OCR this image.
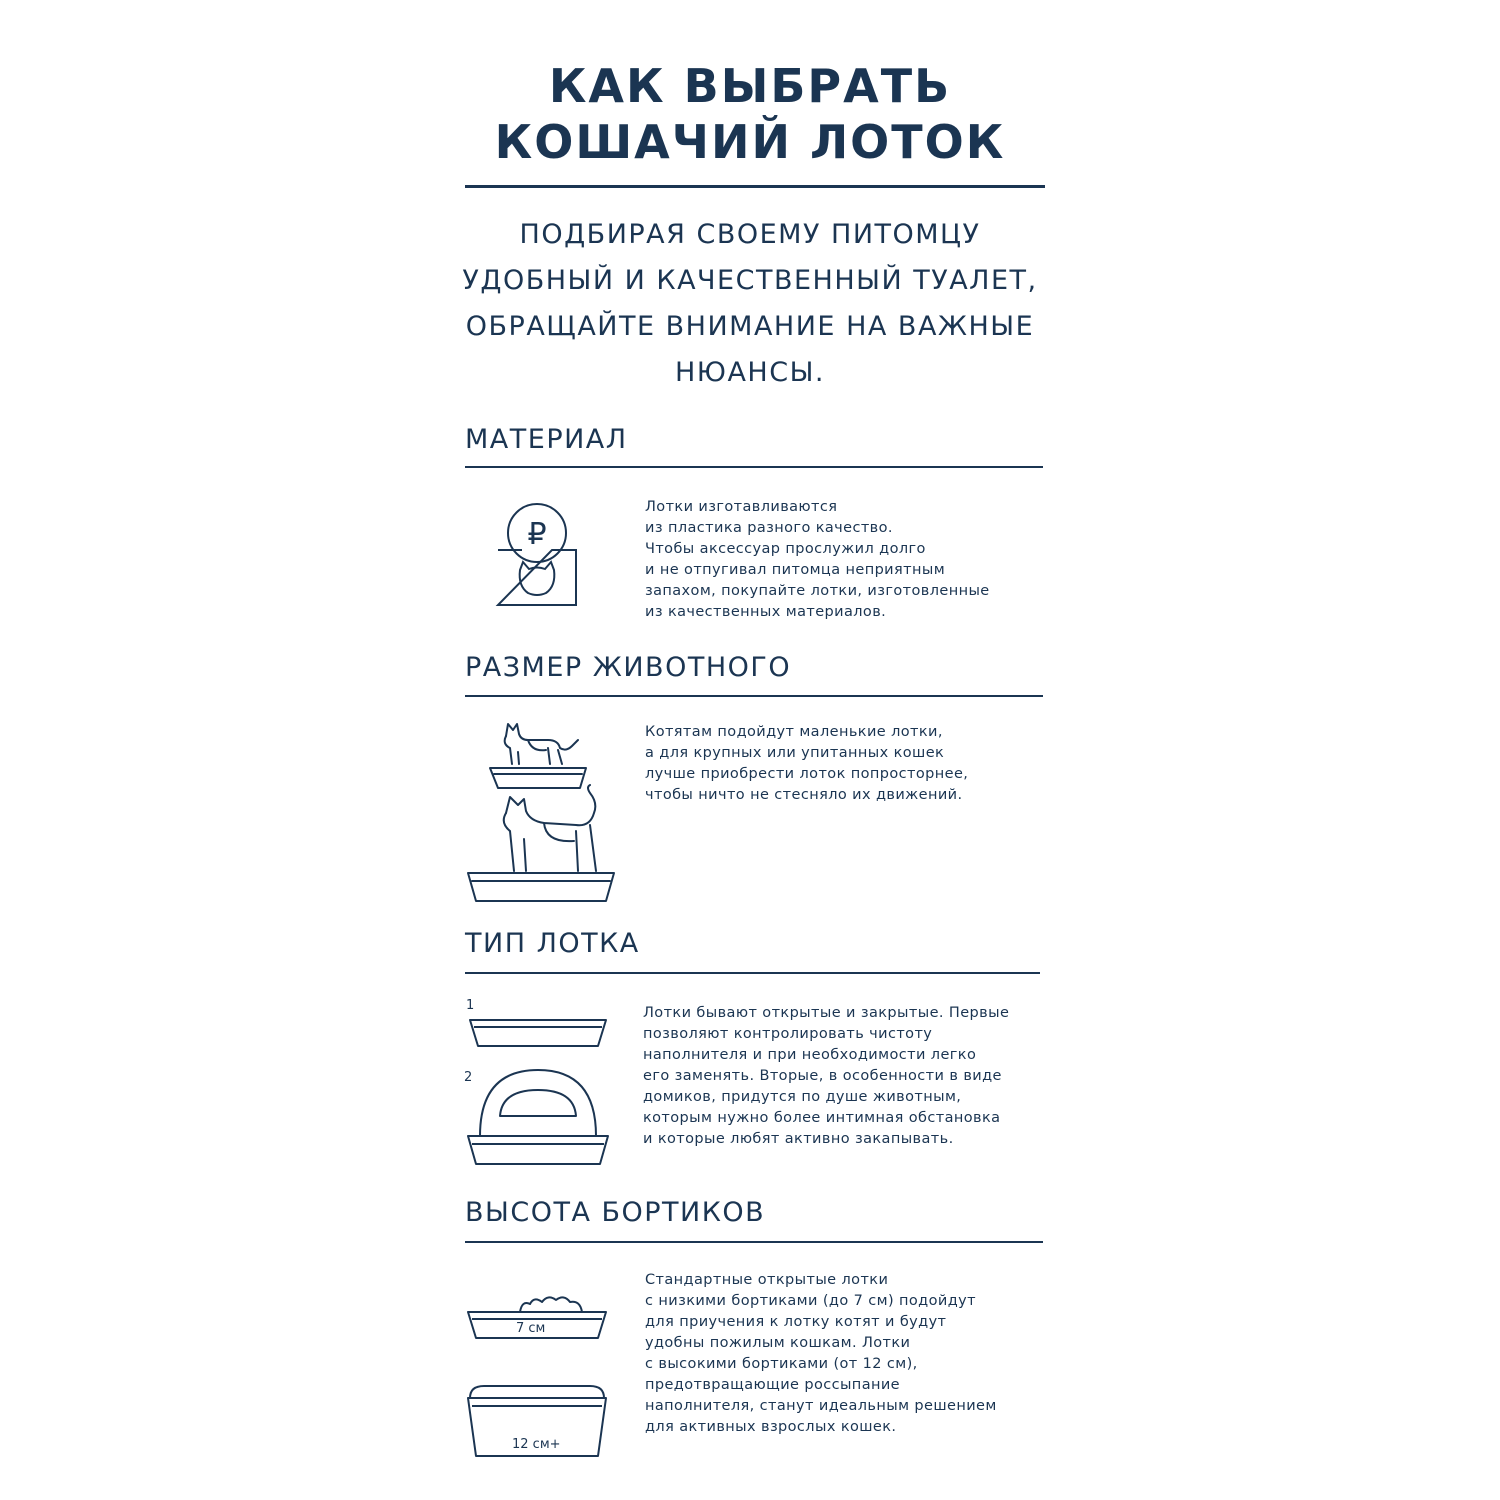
КАК ВЫБРАТЬ
КОШАЧИЙ ЛОТОК

ПОДБИРАЯ СВОЕМУ ПИТОМЦУ
УДОБНЫЙ И КАЧЕСТВЕННЫЙ ТУАЛЕТ,
ОБРАЩАЙТЕ ВНИМАНИЕ НА ВАЖНЫЕ
НЮАНСЫ.

МАТЕРИАЛ
₽

Лотки изготавливаются
из пластика разного качество.
Чтобы аксессуар прослужил долго
и не отпугивал питомца неприятным
запахом, покупайте лотки, изготовленные
из качественных материалов.

РАЗМЕР ЖИВОТНОГО

Котятам подойдут маленькие лотки,
а для крупных или упитанных кошек
лучше приобрести лоток попросторнее,
чтобы ничто не стесняло их движений.

ТИП ЛОТКА
1
2

Лотки бывают открытые и закрытые. Первые
позволяют контролировать чистоту
наполнителя и при необходимости легко
его заменять. Вторые, в особенности в виде
домиков, придутся по душе животным,
которым нужно более интимная обстановка
и которые любят активно закапывать.

ВЫСОТА БОРТИКОВ
7 см
12 см+

Стандартные открытые лотки
с низкими бортиками (до 7 см) подойдут
для приучения к лотку котят и будут
удобны пожилым кошкам. Лотки
с высокими бортиками (от 12 см),
предотвращающие россыпание
наполнителя, станут идеальным решением
для активных взрослых кошек.
